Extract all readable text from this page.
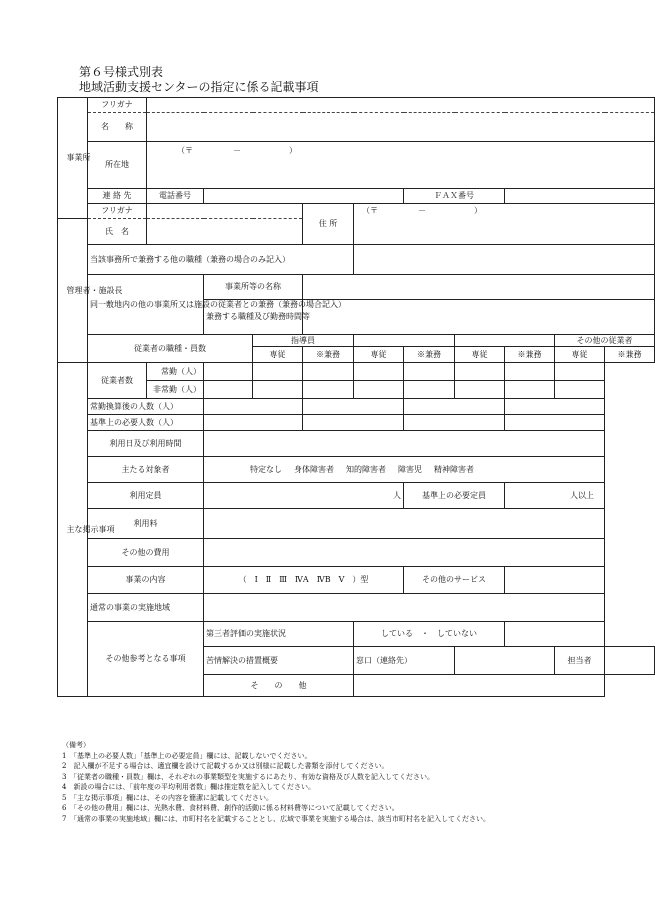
第６号様式別表
地域活動支援センターの指定に係る記載事項
事業所	フリガナ										
	名　　称										
	所在地	（〒　　　　　－　　　　　　）									
	連 絡 先	電話番号					ＦＡＸ番号				
	フリガナ				住 所	（〒　　　　　－　　　　　　）					
管理者・施設長	氏　名										
	当該事務所で兼務する他の職種（兼務の場合のみ記入）										
	同一敷地内の他の事業所又は施設の従業者との兼務（兼務の場合記入）		事業所等の名称								
			兼務する職種及び勤務時間等								
	従業者の職種・員数			指導員						その他の従業者	
				専従	※兼務	専従	※兼務	専従	※兼務	専従	※兼務
主な掲示事項	従業者数	常勤（人）									
		非常勤（人）									
	常勤換算後の人数（人）										
	基準上の必要人数（人）										
	利用日及び利用時間										
	主たる対象者		特定なし 身体障害者 知的障害者 障害児 精神障害者								
	利用定員		人				基準上の必要定員		人以上		
	利用料										
	その他の費用										
	事業の内容		（　Ⅰ　Ⅱ　Ⅲ　ⅣA　ⅣB　Ⅴ　）型				その他のサービス				
	通常の事業の実施地域										
	その他参考となる事項		第三者評価の実施状況			している　・　していない					
			苦情解決の措置概要			窓口（連絡先）				担当者	
			そ　　の　　他								
（備考）
1　「基準上の必要人数」「基準上の必要定員」欄には、記載しないでください。
2　記入欄が不足する場合は、適宜欄を設けて記載するか又は別様に記載した書類を添付してください。
3　「従業者の職種・員数」欄は、それぞれの事業類型を実施するにあたり、有効な資格及び人数を記入してください。
4　新設の場合には、「前年度の平均利用者数」欄は推定数を記入してください。
5　「主な掲示事項」欄には、その内容を簡潔に記載してください。
6　「その他の費用」欄には、光熱水費、食材料費、創作的活動に係る材料費等について記載してください。
7　「通常の事業の実施地域」欄には、市町村名を記載することとし、広域で事業を実施する場合は、該当市町村名を記入してください。
